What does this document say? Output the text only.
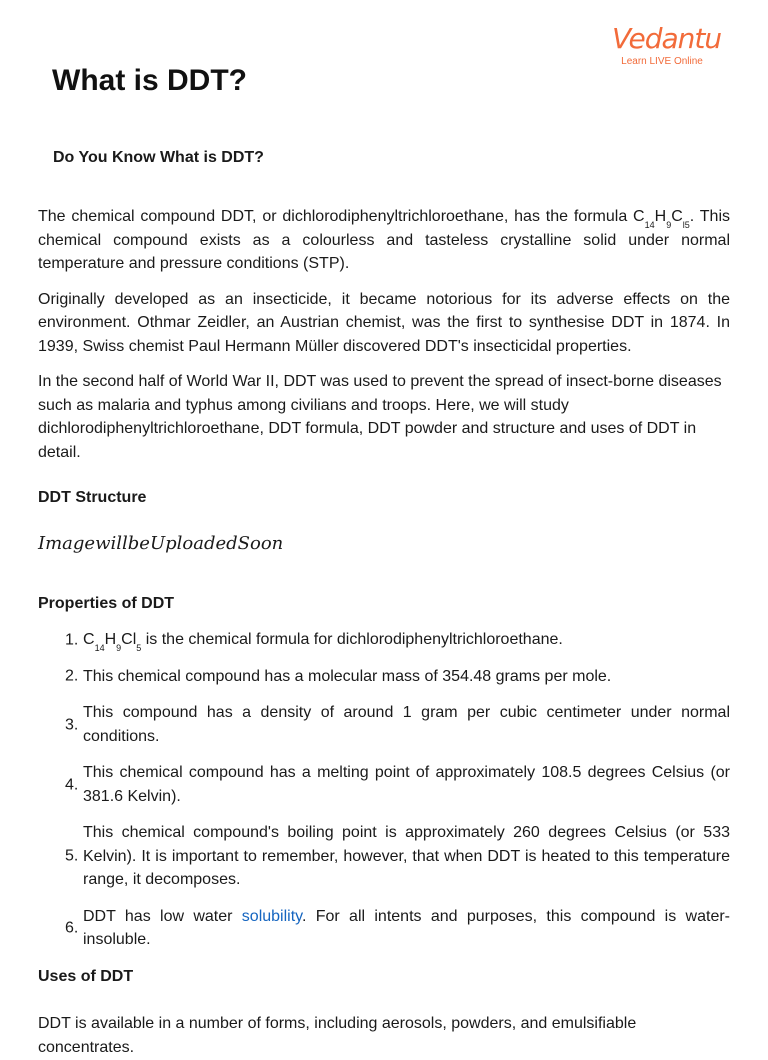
Vedantu
Learn LIVE Online
What is DDT?
Do You Know What is DDT?

The chemical compound DDT, or dichlorodiphenyltrichloroethane, has the formula $C_{14}H_9C_{l5}$. This chemical compound exists as a colourless and tasteless crystalline solid under normal temperature and pressure conditions (STP).

Originally developed as an insecticide, it became notorious for its adverse effects on the environment. Othmar Zeidler, an Austrian chemist, was the first to synthesise DDT in 1874. In 1939, Swiss chemist Paul Hermann Müller discovered DDT's insecticidal properties.

In the second half of World War II, DDT was used to prevent the spread of insect-borne diseases such as malaria and typhus among civilians and troops. Here, we will study dichlorodiphenyltrichloroethane, DDT formula, DDT powder and structure and uses of DDT in detail.

DDT Structure
ImagewillbeUploadedSoon
Properties of DDT
1. $C_{14}H_9Cl_5$ is the chemical formula for dichlorodiphenyltrichloroethane.
2. This chemical compound has a molecular mass of 354.48 grams per mole.
3.
This compound has a density of around 1 gram per cubic centimeter under normal conditions.
4.
This chemical compound has a melting point of approximately 108.5 degrees Celsius (or 381.6 Kelvin).
5.
This chemical compound's boiling point is approximately 260 degrees Celsius (or 533 Kelvin). It is important to remember, however, that when DDT is heated to this temperature range, it decomposes.
6.
DDT has low water solubility. For all intents and purposes, this compound is water-insoluble.
Uses of DDT
DDT is available in a number of forms, including aerosols, powders, and emulsifiable concentrates.
